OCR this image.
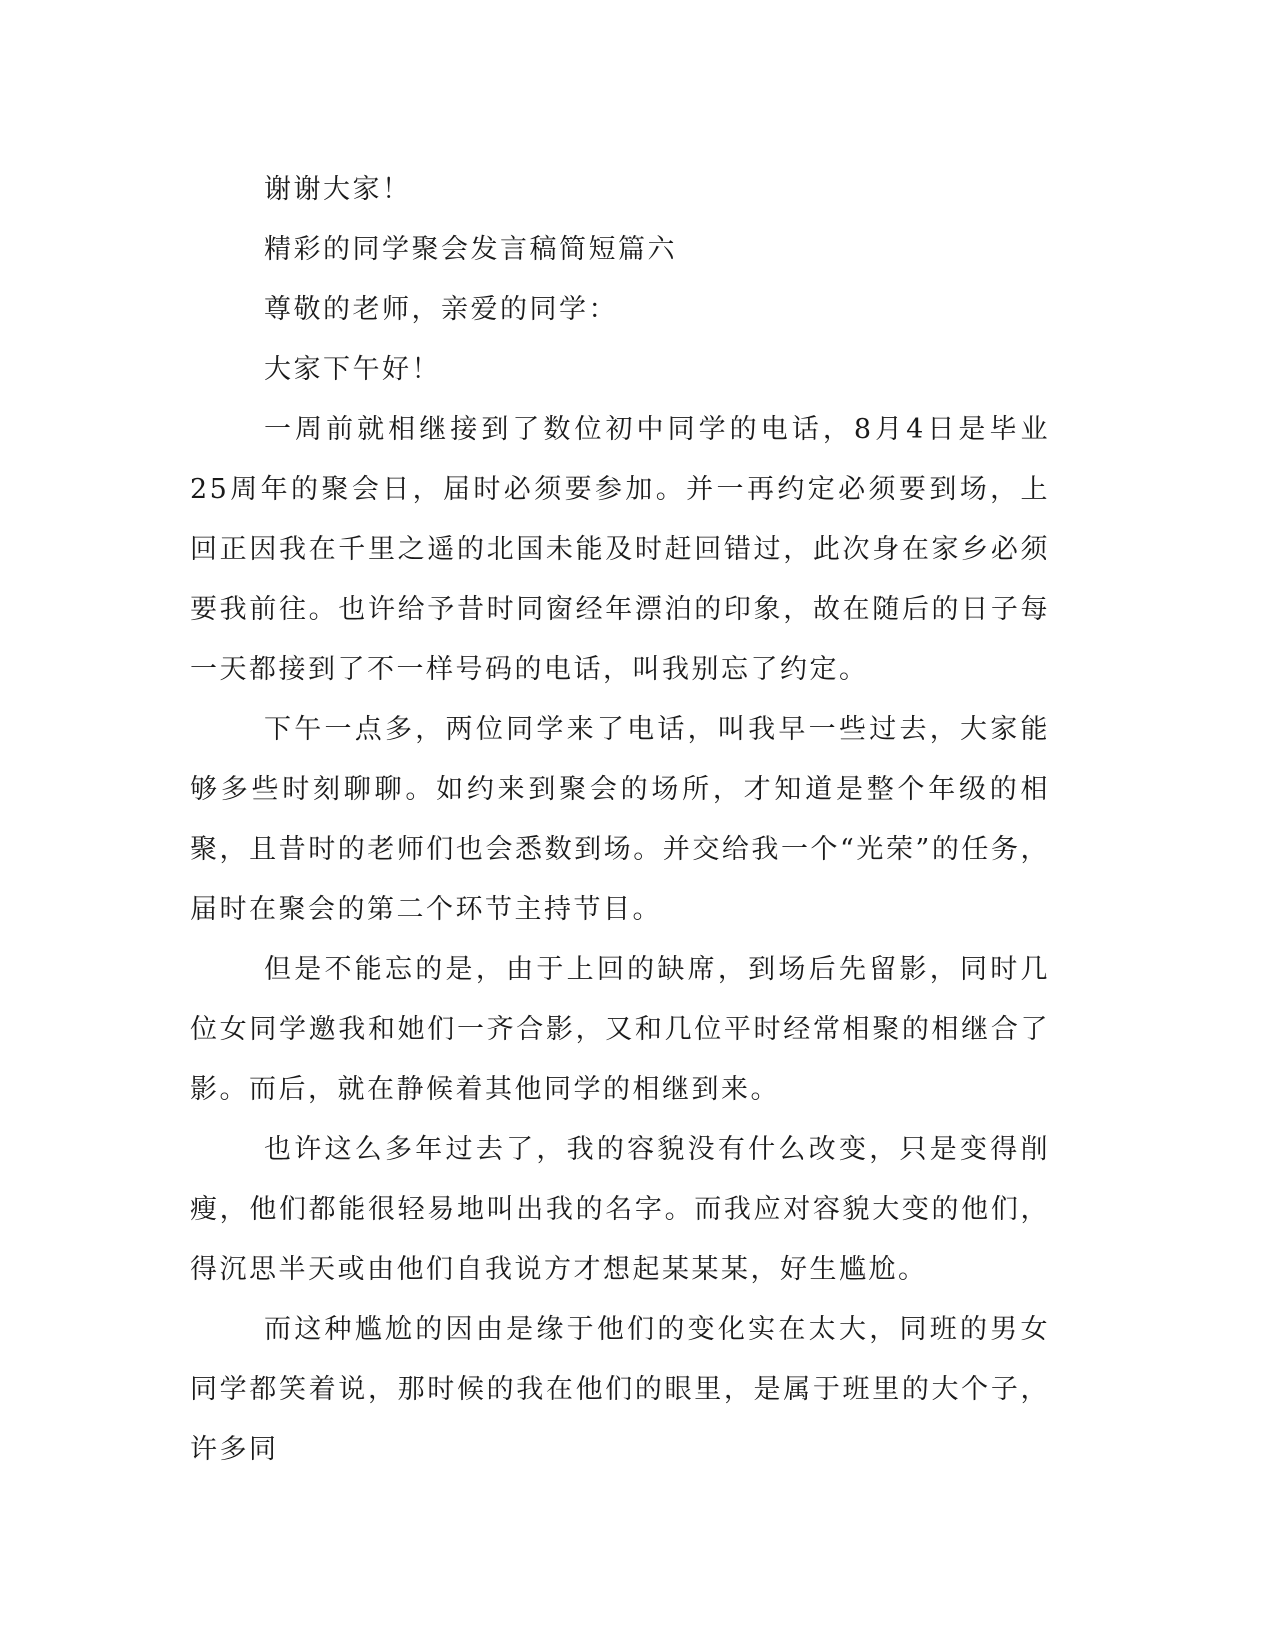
谢谢大家！

精彩的同学聚会发言稿简短篇六

尊敬的老师，亲爱的同学：

大家下午好！

一周前就相继接到了数位初中同学的电话，8月4日是毕业25周年的聚会日，届时必须要参加。并一再约定必须要到场，上回正因我在千里之遥的北国未能及时赶回错过，此次身在家乡必须要我前往。也许给予昔时同窗经年漂泊的印象，故在随后的日子每一天都接到了不一样号码的电话，叫我别忘了约定。

下午一点多，两位同学来了电话，叫我早一些过去，大家能够多些时刻聊聊。如约来到聚会的场所，才知道是整个年级的相聚，且昔时的老师们也会悉数到场。并交给我一个“光荣”的任务，届时在聚会的第二个环节主持节目。

但是不能忘的是，由于上回的缺席，到场后先留影，同时几位女同学邀我和她们一齐合影，又和几位平时经常相聚的相继合了影。而后，就在静候着其他同学的相继到来。

也许这么多年过去了，我的容貌没有什么改变，只是变得削瘦，他们都能很轻易地叫出我的名字。而我应对容貌大变的他们，得沉思半天或由他们自我说方才想起某某某，好生尴尬。

而这种尴尬的因由是缘于他们的变化实在太大，同班的男女同学都笑着说，那时候的我在他们的眼里，是属于班里的大个子，许多同
